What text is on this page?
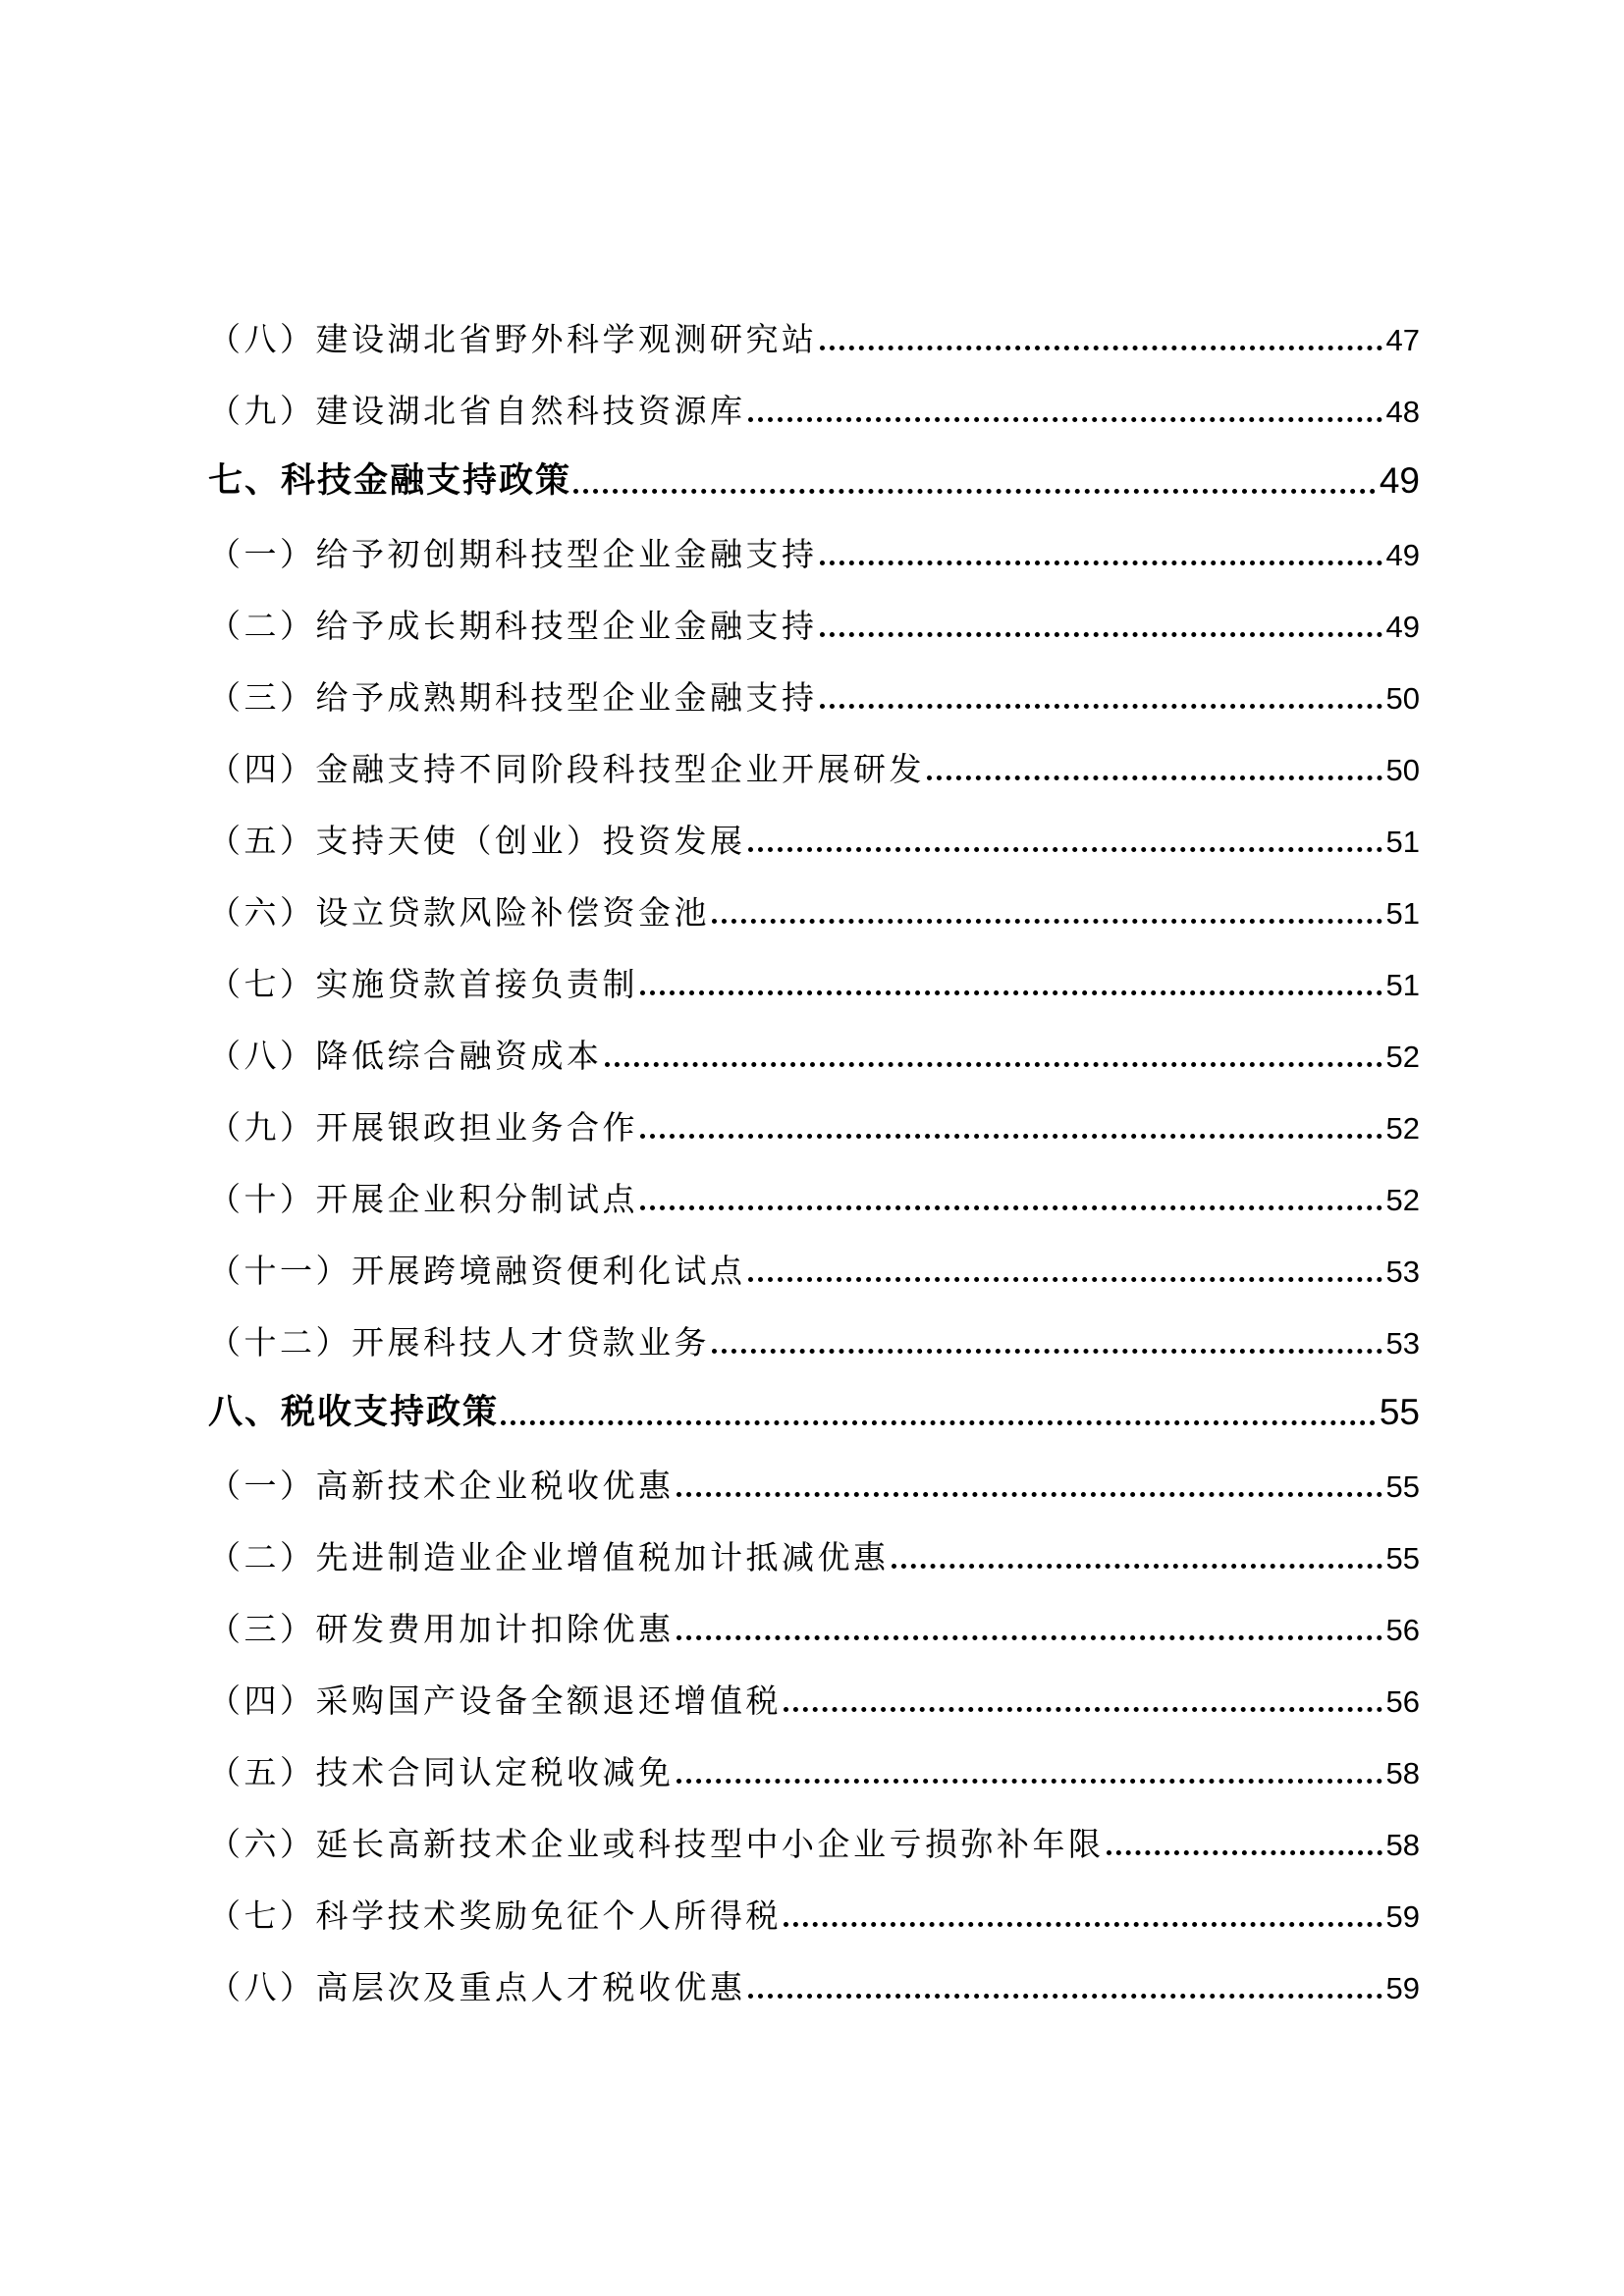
（八）建设湖北省野外科学观测研究站	47
（九）建设湖北省自然科技资源库	48
七、科技金融支持政策	49
（一）给予初创期科技型企业金融支持	49
（二）给予成长期科技型企业金融支持	49
（三）给予成熟期科技型企业金融支持	50
（四）金融支持不同阶段科技型企业开展研发	50
（五）支持天使（创业）投资发展	51
（六）设立贷款风险补偿资金池	51
（七）实施贷款首接负责制	51
（八）降低综合融资成本	52
（九）开展银政担业务合作	52
（十）开展企业积分制试点	52
（十一）开展跨境融资便利化试点	53
（十二）开展科技人才贷款业务	53
八、税收支持政策	55
（一）高新技术企业税收优惠	55
（二）先进制造业企业增值税加计抵减优惠	55
（三）研发费用加计扣除优惠	56
（四）采购国产设备全额退还增值税	56
（五）技术合同认定税收减免	58
（六）延长高新技术企业或科技型中小企业亏损弥补年限	58
（七）科学技术奖励免征个人所得税	59
（八）高层次及重点人才税收优惠	59
